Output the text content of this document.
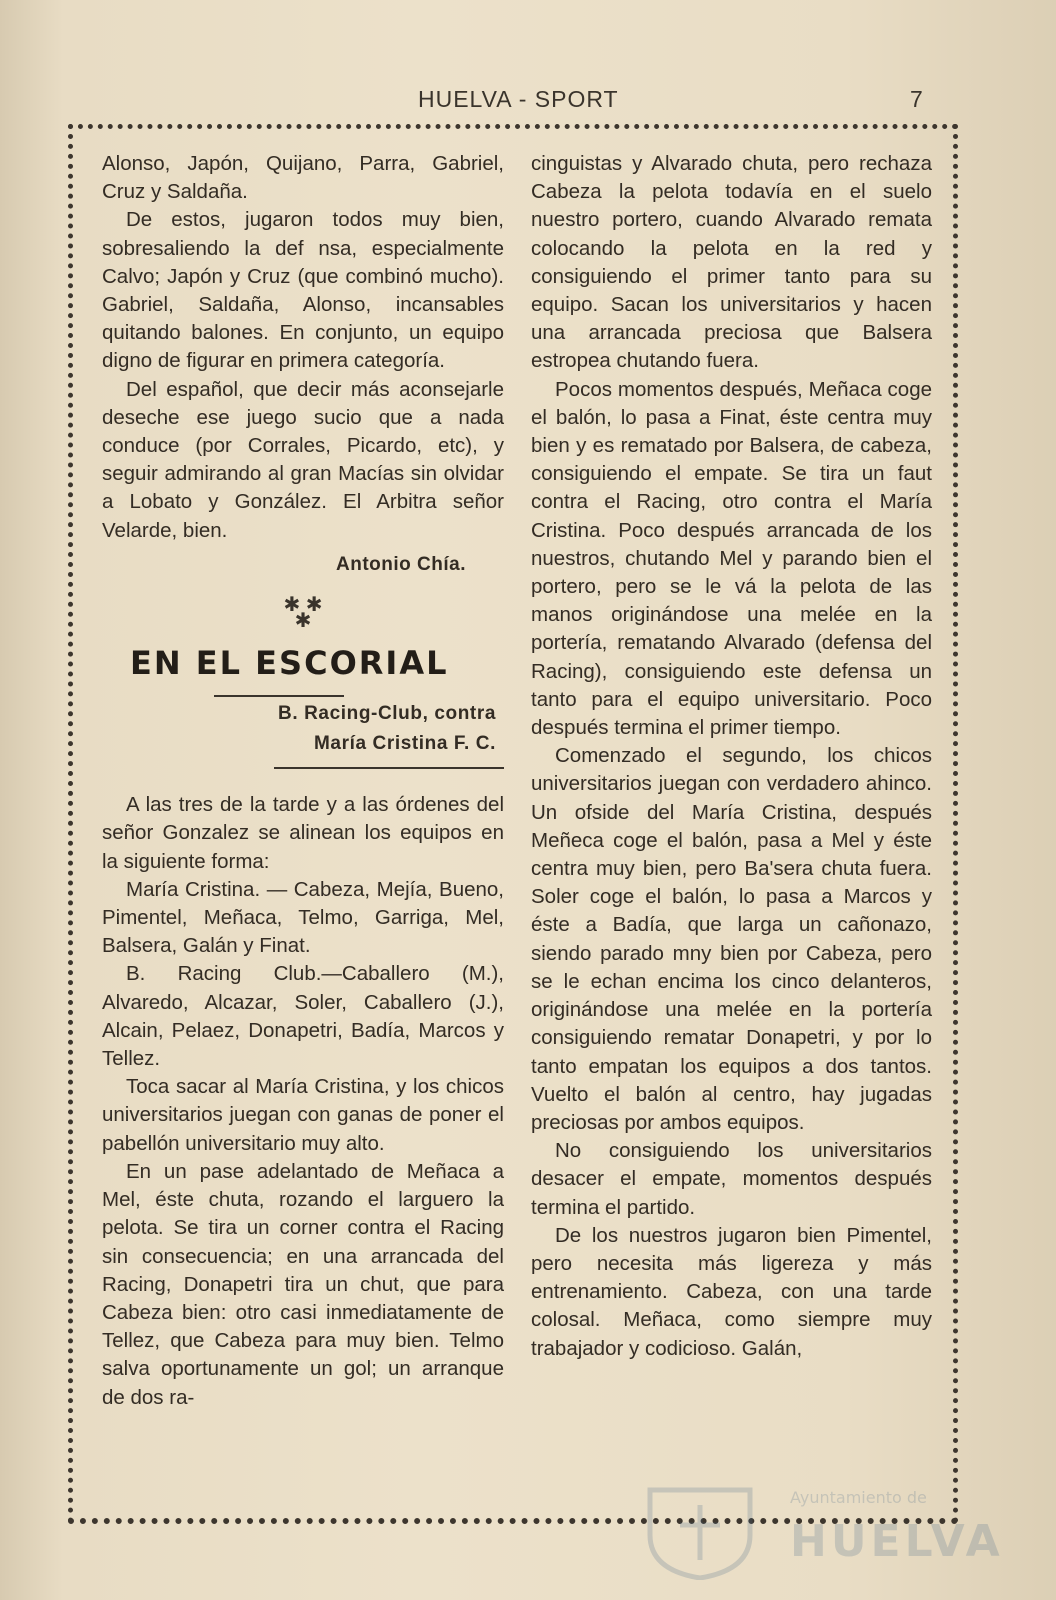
HUELVA - SPORT	7

Alonso, Japón, Quijano, Parra, Gabriel, Cruz y Saldaña.

De estos, jugaron todos muy bien, sobresaliendo la def nsa, especialmente Calvo; Japón y Cruz (que combinó mucho). Gabriel, Saldaña, Alonso, incansables quitando balones. En conjunto, un equipo digno de figurar en primera categoría.

Del español, que decir más aconsejarle deseche ese juego sucio que a nada conduce (por Corrales, Picardo, etc), y seguir admirando al gran Macías sin olvidar a Lobato y González. El Arbitra señor Velarde, bien.

Antonio Chía.
✱ ✱
✱
EN EL ESCORIAL
B. Racing-Club, contra
María Cristina F. C.

A las tres de la tarde y a las órdenes del señor Gonzalez se alinean los equipos en la siguiente forma:

María Cristina. — Cabeza, Mejía, Bueno, Pimentel, Meñaca, Telmo, Garriga, Mel, Balsera, Galán y Finat.

B. Racing Club.—Caballero (M.), Alvaredo, Alcazar, Soler, Caballero (J.), Alcain, Pelaez, Donapetri, Badía, Marcos y Tellez.

Toca sacar al María Cristina, y los chicos universitarios juegan con ganas de poner el pabellón universitario muy alto.

En un pase adelantado de Meñaca a Mel, éste chuta, rozando el larguero la pelota. Se tira un corner contra el Racing sin consecuencia; en una arrancada del Racing, Donapetri tira un chut, que para Cabeza bien: otro casi inmediatamente de Tellez, que Cabeza para muy bien. Telmo salva oportunamente un gol; un arranque de dos ra-

cinguistas y Alvarado chuta, pero rechaza Cabeza la pelota todavía en el suelo nuestro portero, cuando Alvarado remata colocando la pelota en la red y consiguiendo el primer tanto para su equipo. Sacan los universitarios y hacen una arrancada preciosa que Balsera estropea chutando fuera.

Pocos momentos después, Meñaca coge el balón, lo pasa a Finat, éste centra muy bien y es rematado por Balsera, de cabeza, consiguiendo el empate. Se tira un faut contra el Racing, otro contra el María Cristina. Poco después arrancada de los nuestros, chutando Mel y parando bien el portero, pero se le vá la pelota de las manos originándose una melée en la portería, rematando Alvarado (defensa del Racing), consiguiendo este defensa un tanto para el equipo universitario. Poco después termina el primer tiempo.

Comenzado el segundo, los chicos universitarios juegan con verdadero ahinco. Un ofside del María Cristina, después Meñeca coge el balón, pasa a Mel y éste centra muy bien, pero Ba'sera chuta fuera. Soler coge el balón, lo pasa a Marcos y éste a Badía, que larga un cañonazo, siendo parado mny bien por Cabeza, pero se le echan encima los cinco delanteros, originándose una melée en la portería consiguiendo rematar Donapetri, y por lo tanto empatan los equipos a dos tantos. Vuelto el balón al centro, hay jugadas preciosas por ambos equipos.

No consiguiendo los universitarios desacer el empate, momentos después termina el partido.

De los nuestros jugaron bien Pimentel, pero necesita más ligereza y más entrenamiento. Cabeza, con una tarde colosal. Meñaca, como siempre muy trabajador y codicioso. Galán,

Ayuntamiento de
HUELVA
